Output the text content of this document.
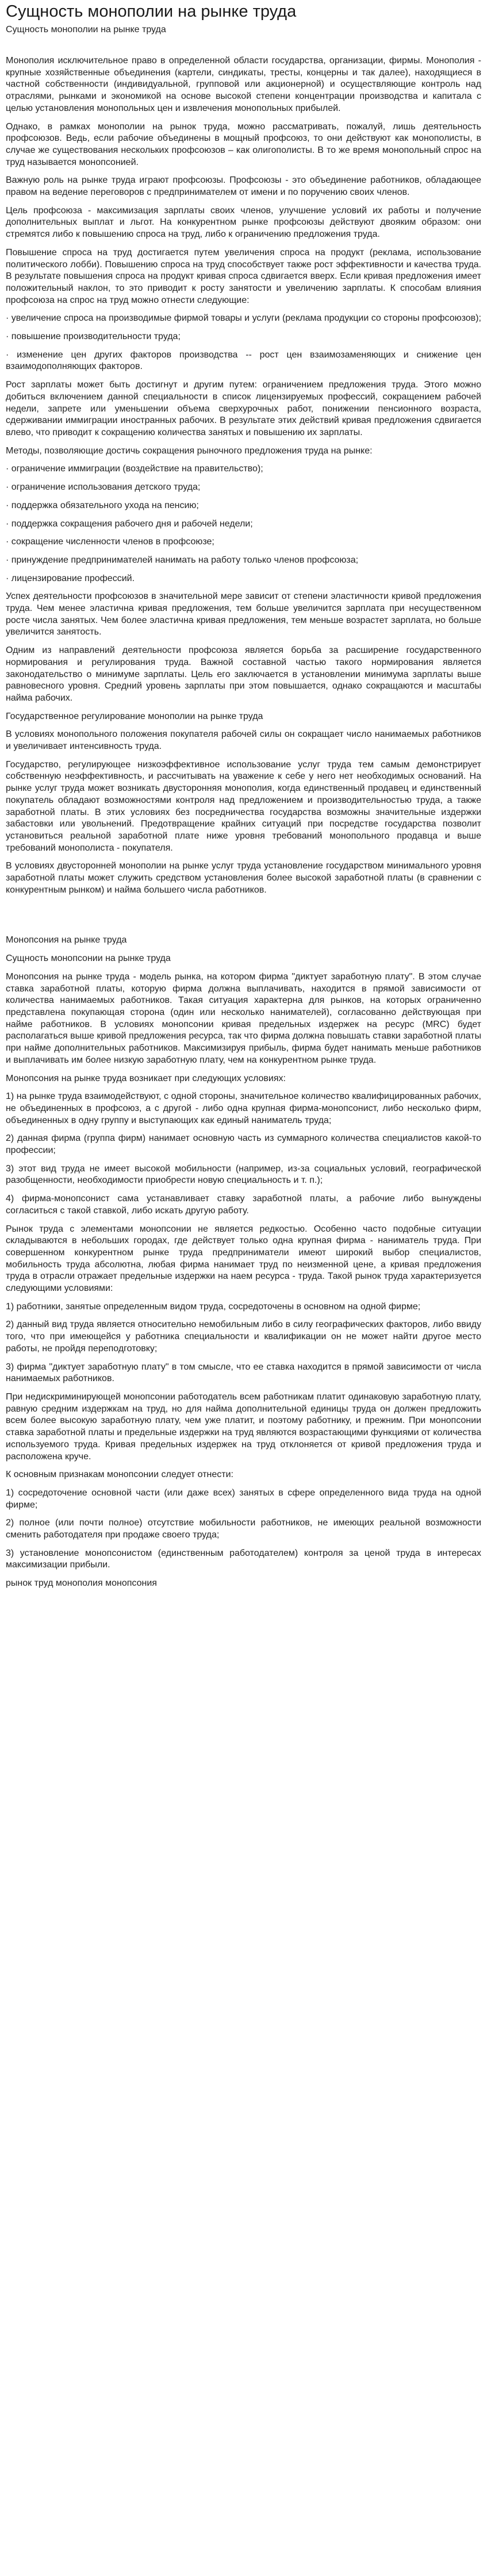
Сущность монополии на рынке труда
Сущность монополии на рынке труда

Монополия исключительное право в определенной области государства, организации, фирмы. Монополия - крупные хозяйственные объединения (картели, синдикаты, тресты, концерны и так далее), находящиеся в частной собственности (индивидуальной, групповой или акционерной) и осуществляющие контроль над отраслями, рынками и экономикой на основе высокой степени концентрации производства и капитала с целью установления монопольных цен и извлечения монопольных прибылей.

Однако, в рамках монополии на рынок труда, можно рассматривать, пожалуй, лишь деятельность профсоюзов. Ведь, если рабочие объединены в мощный профсоюз, то они действуют как монополисты, в случае же существования нескольких профсоюзов – как олигополисты. В то же время монопольный спрос на труд называется монопсонией.

Важную роль на рынке труда играют профсоюзы. Профсоюзы - это объединение работников, обладающее правом на ведение переговоров с предпринимателем от имени и по поручению своих членов.

Цель профсоюза - максимизация зарплаты своих членов, улучшение условий их работы и получение дополнительных выплат и льгот. На конкурентном рынке профсоюзы действуют двояким образом: они стремятся либо к повышению спроса на труд, либо к ограничению предложения труда.

Повышение спроса на труд достигается путем увеличения спроса на продукт (реклама, использование политического лобби). Повышению спроса на труд способствует также рост эффективности и качества труда. В результате повышения спроса на продукт кривая спроса сдвигается вверх. Если кривая предложения имеет положительный наклон, то это приводит к росту занятости и увеличению зарплаты. К способам влияния профсоюза на спрос на труд можно отнести следующие:

· увеличение спроса на производимые фирмой товары и услуги (реклама продукции со стороны профсоюзов);

· повышение производительности труда;

· изменение цен других факторов производства -- рост цен взаимозаменяющих и снижение цен взаимодополняющих факторов.

Рост зарплаты может быть достигнут и другим путем: ограничением предложения труда. Этого можно добиться включением данной специальности в список лицензируемых профессий, сокращением рабочей недели, запрете или уменьшении объема сверхурочных работ, понижении пенсионного возраста, сдерживании иммиграции иностранных рабочих. В результате этих действий кривая предложения сдвигается влево, что приводит к сокращению количества занятых и повышению их зарплаты.

Методы, позволяющие достичь сокращения рыночного предложения труда на рынке:

· ограничение иммиграции (воздействие на правительство);

· ограничение использования детского труда;

· поддержка обязательного ухода на пенсию;

· поддержка сокращения рабочего дня и рабочей недели;

· сокращение численности членов в профсоюзе;

· принуждение предпринимателей нанимать на работу только членов профсоюза;

· лицензирование профессий.

Успех деятельности профсоюзов в значительной мере зависит от степени эластичности кривой предложения труда. Чем менее эластична кривая предложения, тем больше увеличится зарплата при несущественном росте числа занятых. Чем более эластична кривая предложения, тем меньше возрастет зарплата, но больше увеличится занятость.

Одним из направлений деятельности профсоюза является борьба за расширение государственного нормирования и регулирования труда. Важной составной частью такого нормирования является законодательство о минимуме зарплаты. Цель его заключается в установлении минимума зарплаты выше равновесного уровня. Средний уровень зарплаты при этом повышается, однако сокращаются и масштабы найма рабочих.

Государственное регулирование монополии на рынке труда

В условиях монопольного положения покупателя рабочей силы он сокращает число нанимаемых работников и увеличивает интенсивность труда.

Государство, регулирующее низкоэффективное использование услуг труда тем самым демонстрирует собственную неэффективность, и рассчитывать на уважение к себе у него нет необходимых оснований. На рынке услуг труда может возникать двусторонняя монополия, когда единственный продавец и единственный покупатель обладают возможностями контроля над предложением и производительностью труда, а также заработной платы. В этих условиях без посредничества государства возможны значительные издержки забастовки или увольнений. Предотвращение крайних ситуаций при посредстве государства позволит установиться реальной заработной плате ниже уровня требований монопольного продавца и выше требований монополиста - покупателя.

В условиях двусторонней монополии на рынке услуг труда установление государством минимального уровня заработной платы может служить средством установления более высокой заработной платы (в сравнении с конкурентным рынком) и найма большего числа работников.

Монопсония на рынке труда

Сущность монопсонии на рынке труда

Монопсония на рынке труда - модель рынка, на котором фирма "диктует заработную плату". В этом случае ставка заработной платы, которую фирма должна выплачивать, находится в прямой зависимости от количества нанимаемых работников. Такая ситуация характерна для рынков, на которых ограниченно представлена покупающая сторона (один или несколько нанимателей), согласованно действующая при найме работников. В условиях монопсонии кривая предельных издержек на ресурс (MRC) будет располагаться выше кривой предложения ресурса, так что фирма должна повышать ставки заработной платы при найме дополнительных работников. Максимизируя прибыль, фирма будет нанимать меньше работников и выплачивать им более низкую заработную плату, чем на конкурентном рынке труда.

Монопсония на рынке труда возникает при следующих условиях:

1) на рынке труда взаимодействуют, с одной стороны, значительное количество квалифицированных рабочих, не объединенных в профсоюз, а с другой - либо одна крупная фирма-монопсонист, либо несколько фирм, объединенных в одну группу и выступающих как единый наниматель труда;

2) данная фирма (группа фирм) нанимает основную часть из суммарного количества специалистов какой-то профессии;

3) этот вид труда не имеет высокой мобильности (например, из-за социальных условий, географической разобщенности, необходимости приобрести новую специальность и т. п.);

4) фирма-монопсонист сама устанавливает ставку заработной платы, а рабочие либо вынуждены согласиться с такой ставкой, либо искать другую работу.

Рынок труда с элементами монопсонии не является редкостью. Особенно часто подобные ситуации складываются в небольших городах, где действует только одна крупная фирма - наниматель труда. При совершенном конкурентном рынке труда предприниматели имеют широкий выбор специалистов, мобильность труда абсолютна, любая фирма нанимает труд по неизменной цене, а кривая предложения труда в отрасли отражает предельные издержки на наем ресурса - труда. Такой рынок труда характеризуется следующими условиями:

1) работники, занятые определенным видом труда, сосредоточены в основном на одной фирме;

2) данный вид труда является относительно немобильным либо в силу географических факторов, либо ввиду того, что при имеющейся у работника специальности и квалификации он не может найти другое место работы, не пройдя переподготовку;

3) фирма "диктует заработную плату" в том смысле, что ее ставка находится в прямой зависимости от числа нанимаемых работников.

При недискриминирующей монопсонии работодатель всем работникам платит одинаковую заработную плату, равную средним издержкам на труд, но для найма дополнительной единицы труда он должен предложить всем более высокую заработную плату, чем уже платит, и поэтому работнику, и прежним. При монопсонии ставка заработной платы и предельные издержки на труд являются возрастающими функциями от количества используемого труда. Кривая предельных издержек на труд отклоняется от кривой предложения труда и расположена круче.

К основным признакам монопсонии следует отнести:

1) сосредоточение основной части (или даже всех) занятых в сфере определенного вида труда на одной фирме;

2) полное (или почти полное) отсутствие мобильности работников, не имеющих реальной возможности сменить работодателя при продаже своего труда;

3) установление монопсонистом (единственным работодателем) контроля за ценой труда в интересах максимизации прибыли.

рынок труд монополия монопсония
